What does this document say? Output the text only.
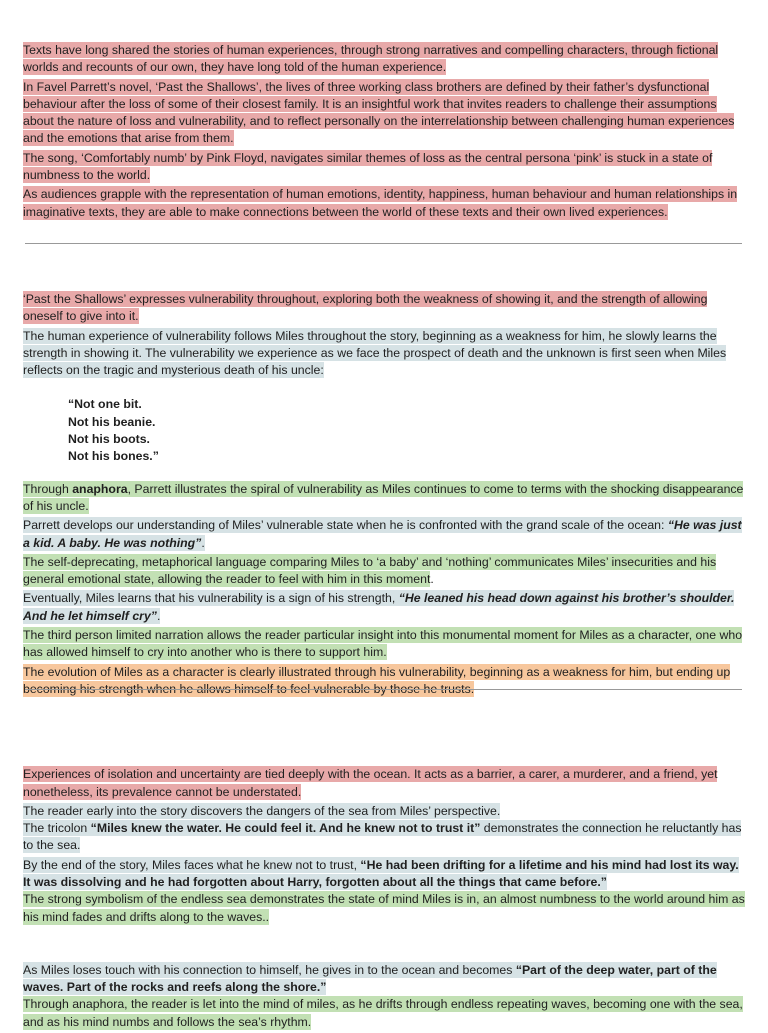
Texts have long shared the stories of human experiences, through strong narratives and compelling characters, through fictional worlds and recounts of our own, they have long told of the human experience.

In Favel Parrett’s novel, ‘Past the Shallows’, the lives of three working class brothers are defined by their father’s dysfunctional behaviour after the loss of some of their closest family. It is an insightful work that invites readers to challenge their assumptions about the nature of loss and vulnerability, and to reflect personally on the interrelationship between challenging human experiences and the emotions that arise from them.

The song, ‘Comfortably numb’ by Pink Floyd, navigates similar themes of loss as the central persona ‘pink’ is stuck in a state of numbness to the world.

As audiences grapple with the representation of human emotions, identity, happiness, human behaviour and human relationships in imaginative texts, they are able to make connections between the world of these texts and their own lived experiences.

‘Past the Shallows’ expresses vulnerability throughout, exploring both the weakness of showing it, and the strength of allowing oneself to give into it.

The human experience of vulnerability follows Miles throughout the story, beginning as a weakness for him, he slowly learns the strength in showing it. The vulnerability we experience as we face the prospect of death and the unknown is first seen when Miles reflects on the tragic and mysterious death of his uncle:

“Not one bit.

Not his beanie.

Not his boots.

Not his bones.”

Through anaphora, Parrett illustrates the spiral of vulnerability as Miles continues to come to terms with the shocking disappearance of his uncle.

Parrett develops our understanding of Miles’ vulnerable state when he is confronted with the grand scale of the ocean: “He was just a kid. A baby. He was nothing”.

The self-deprecating, metaphorical language comparing Miles to ‘a baby’ and ‘nothing’ communicates Miles’ insecurities and his general emotional state, allowing the reader to feel with him in this moment.

Eventually, Miles learns that his vulnerability is a sign of his strength, “He leaned his head down against his brother’s shoulder. And he let himself cry”.

The third person limited narration allows the reader particular insight into this monumental moment for Miles as a character, one who has allowed himself to cry into another who is there to support him.

The evolution of Miles as a character is clearly illustrated through his vulnerability, beginning as a weakness for him, but ending up becoming his strength when he allows himself to feel vulnerable by those he trusts.

Experiences of isolation and uncertainty are tied deeply with the ocean. It acts as a barrier, a carer, a murderer, and a friend, yet nonetheless, its prevalence cannot be understated.

The reader early into the story discovers the dangers of the sea from Miles’ perspective.

The tricolon “Miles knew the water. He could feel it. And he knew not to trust it” demonstrates the connection he reluctantly has to the sea.

By the end of the story, Miles faces what he knew not to trust, “He had been drifting for a lifetime and his mind had lost its way. It was dissolving and he had forgotten about Harry, forgotten about all the things that came before.”

The strong symbolism of the endless sea demonstrates the state of mind Miles is in, an almost numbness to the world around him as his mind fades and drifts along to the waves..

As Miles loses touch with his connection to himself, he gives in to the ocean and becomes “Part of the deep water, part of the waves. Part of the rocks and reefs along the shore.”

Through anaphora, the reader is let into the mind of miles, as he drifts through endless repeating waves, becoming one with the sea, and as his mind numbs and follows the sea’s rhythm.
